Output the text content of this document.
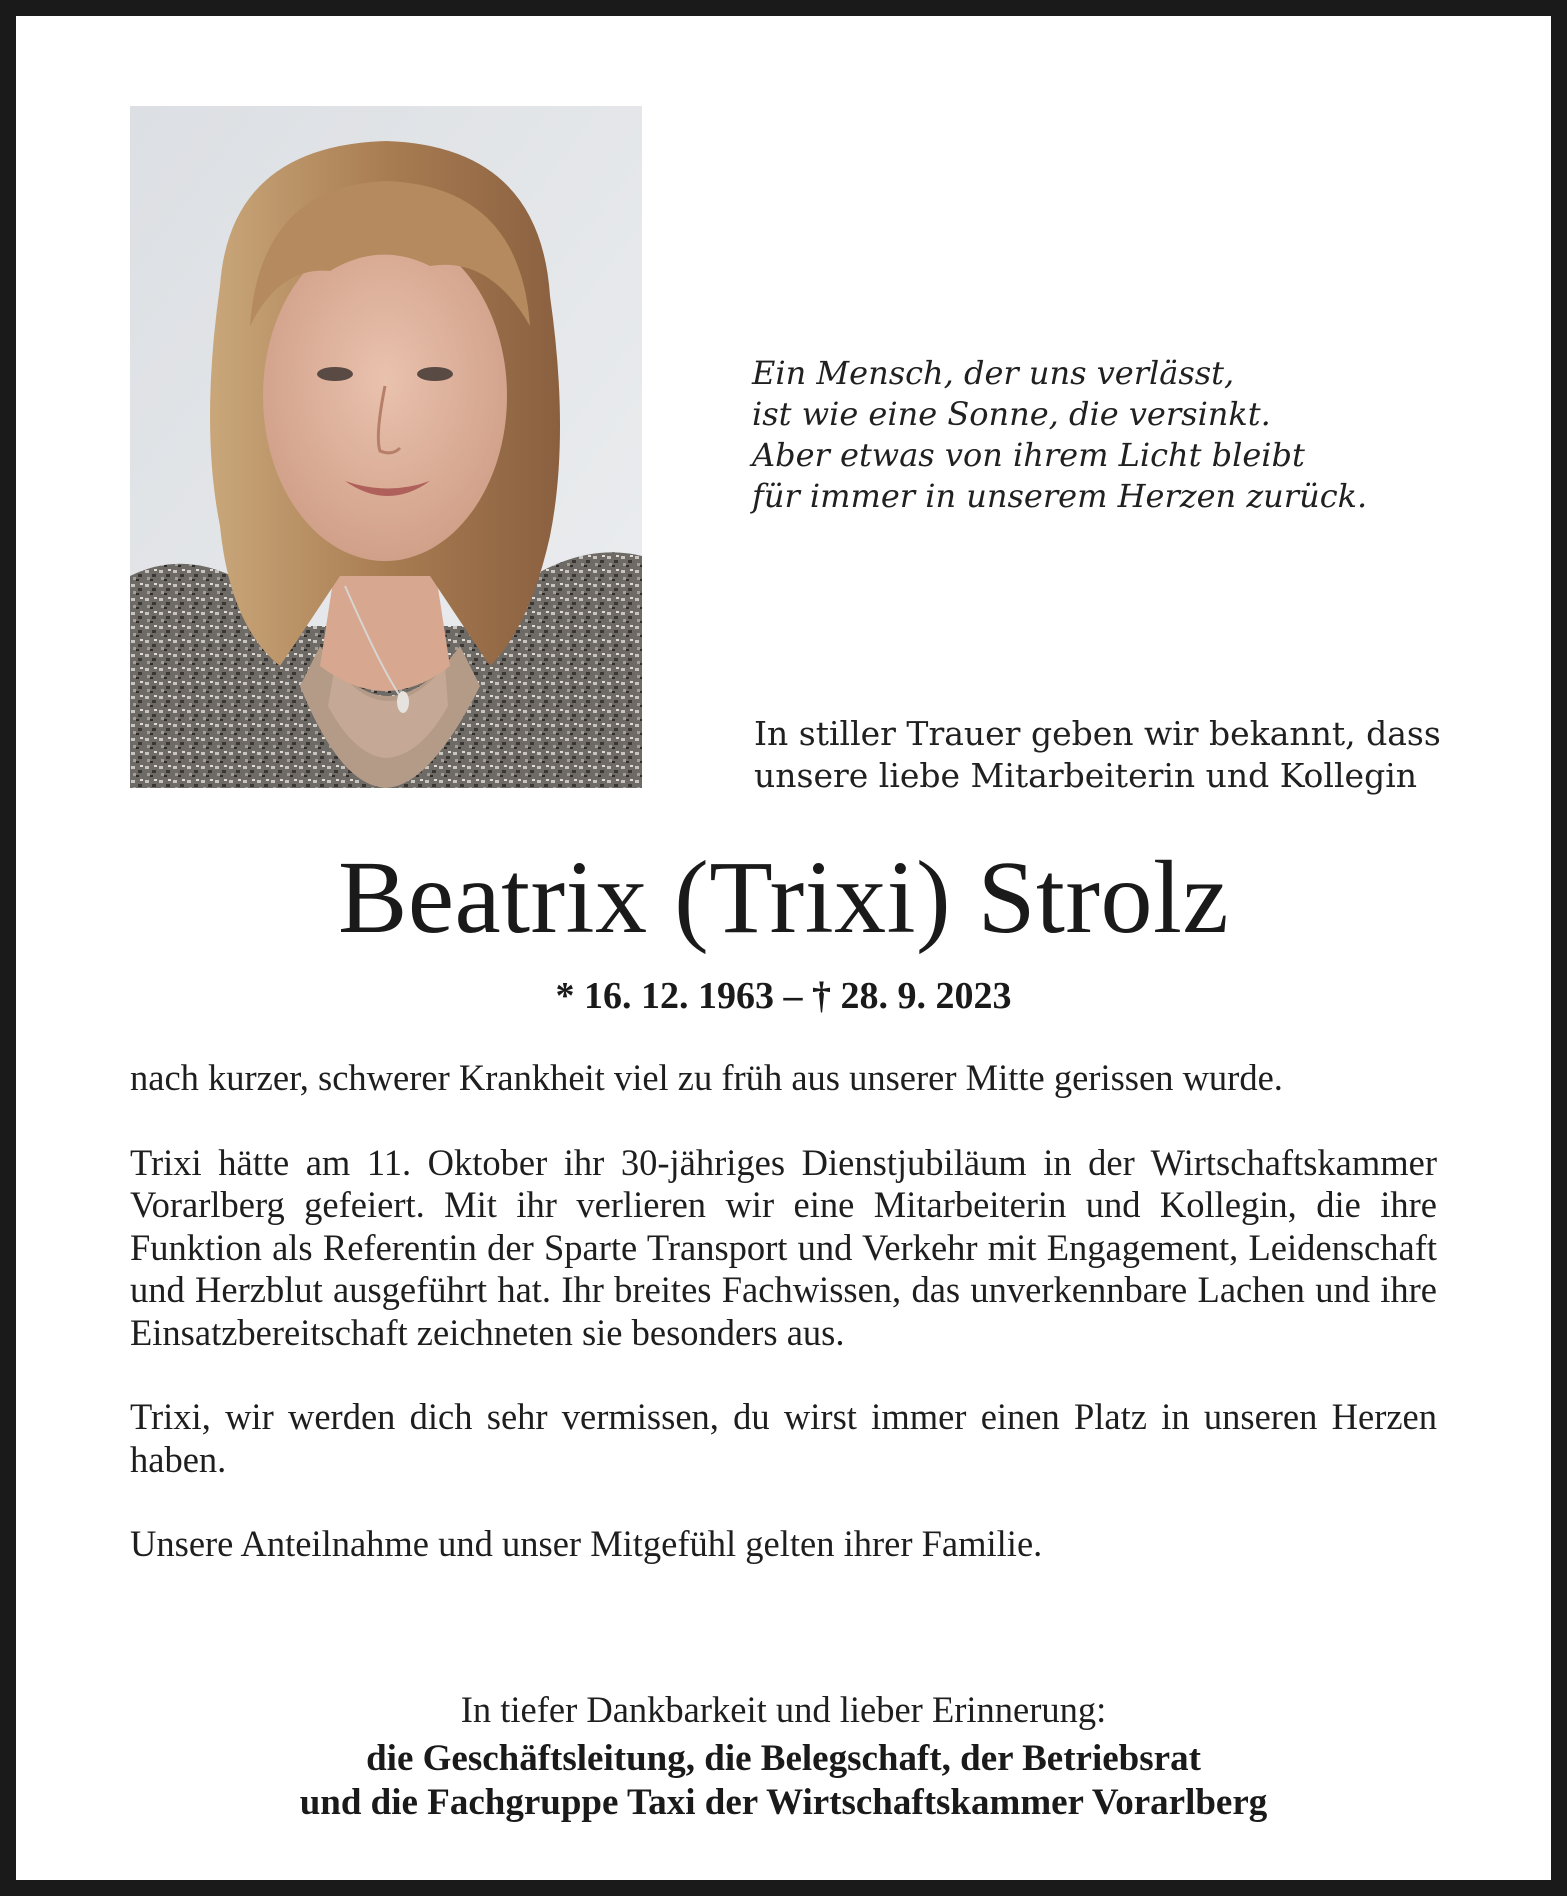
Ein Mensch, der uns verlässt,
ist wie eine Sonne, die versinkt.
Aber etwas von ihrem Licht bleibt
für immer in unserem Herzen zurück.
In stiller Trauer geben wir bekannt, dass
unsere liebe Mitarbeiterin und Kollegin
Beatrix (Trixi) Strolz
* 16. 12. 1963 – † 28. 9. 2023

nach kurzer, schwerer Krankheit viel zu früh aus unserer Mitte gerissen wurde.

Trixi hätte am 11. Oktober ihr 30-jähriges Dienstjubiläum in der Wirtschaftskammer Vorarlberg gefeiert. Mit ihr verlieren wir eine Mitarbeiterin und Kollegin, die ihre Funktion als Referentin der Sparte Transport und Verkehr mit Engagement, Leidenschaft und Herzblut ausgeführt hat. Ihr breites Fachwissen, das unverkennbare Lachen und ihre Einsatzbereitschaft zeichneten sie besonders aus.

Trixi, wir werden dich sehr vermissen, du wirst immer einen Platz in unseren Herzen haben.

Unsere Anteilnahme und unser Mitgefühl gelten ihrer Familie.

In tiefer Dankbarkeit und lieber Erinnerung:
die Geschäftsleitung, die Belegschaft, der Betriebsrat
und die Fachgruppe Taxi der Wirtschaftskammer Vorarlberg
